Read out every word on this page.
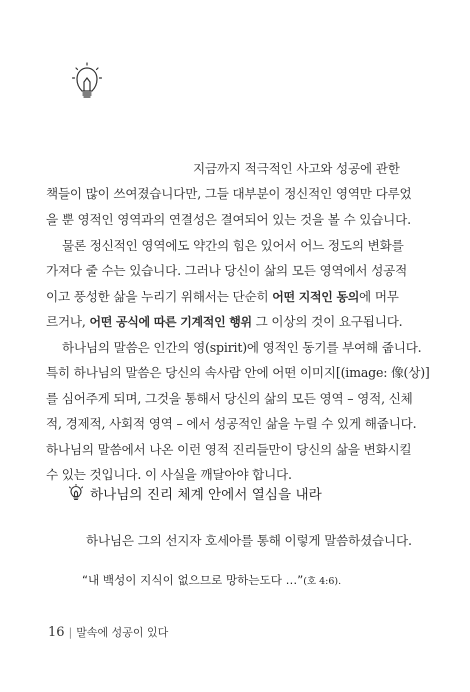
지금까지 적극적인 사고와 성공에 관한
책들이 많이 쓰여졌습니다만, 그들 대부분이 정신적인 영역만 다루었
을 뿐 영적인 영역과의 연결성은 결여되어 있는 것을 볼 수 있습니다.
물론 정신적인 영역에도 약간의 힘은 있어서 어느 정도의 변화를
가져다 줄 수는 있습니다. 그러나 당신이 삶의 모든 영역에서 성공적
이고 풍성한 삶을 누리기 위해서는 단순히 어떤 지적인 동의에 머무
르거나, 어떤 공식에 따른 기계적인 행위 그 이상의 것이 요구됩니다.
하나님의 말씀은 인간의 영(spirit)에 영적인 동기를 부여해 줍니다.
특히 하나님의 말씀은 당신의 속사람 안에 어떤 이미지[(image: 像(상)]
를 심어주게 되며, 그것을 통해서 당신의 삶의 모든 영역 – 영적, 신체
적, 경제적, 사회적 영역 – 에서 성공적인 삶을 누릴 수 있게 해줍니다.
하나님의 말씀에서 나온 이런 영적 진리들만이 당신의 삶을 변화시킬
수 있는 것입니다. 이 사실을 깨달아야 합니다.
하나님의 진리 체계 안에서 열심을 내라
하나님은 그의 선지자 호세아를 통해 이렇게 말씀하셨습니다.
“내 백성이 지식이 없으므로 망하는도다 …”(호 4:6).
16 | 말속에 성공이 있다
